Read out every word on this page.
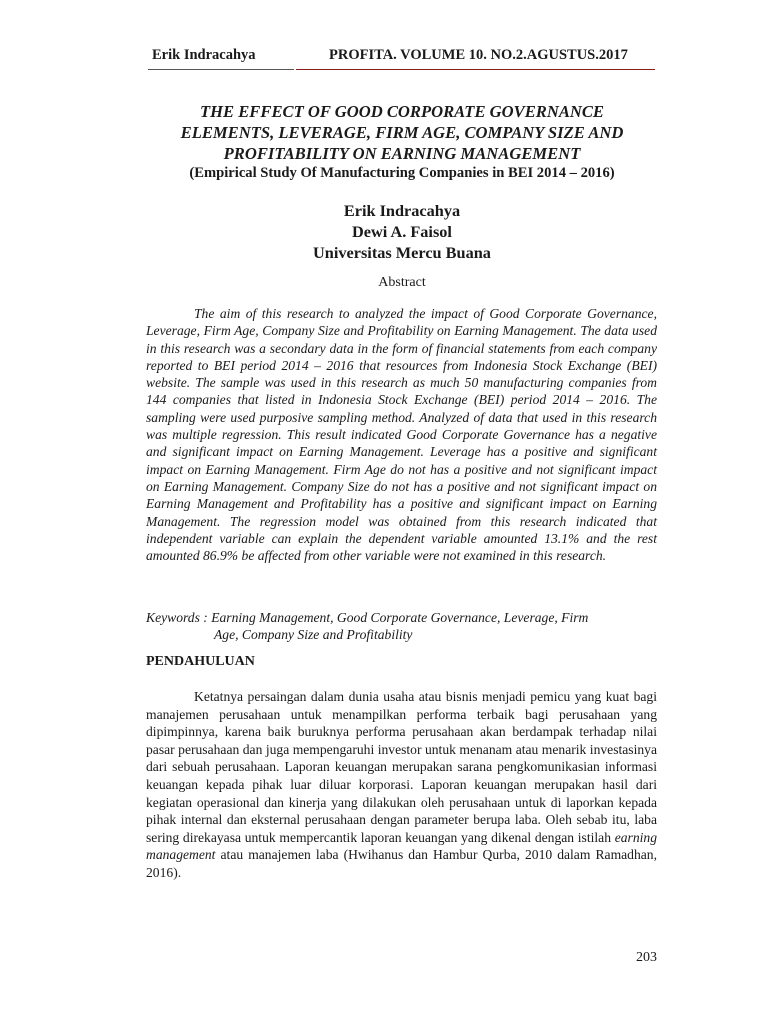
Erik Indracahya	PROFITA. VOLUME 10. NO.2.AGUSTUS.2017
THE EFFECT OF GOOD CORPORATE GOVERNANCE
ELEMENTS, LEVERAGE, FIRM AGE, COMPANY SIZE AND
PROFITABILITY ON EARNING MANAGEMENT
(Empirical Study Of Manufacturing Companies in BEI 2014 – 2016)
Erik Indracahya
Dewi A. Faisol
Universitas Mercu Buana
Abstract

The aim of this research to analyzed the impact of Good Corporate Governance, Leverage, Firm Age, Company Size and Profitability on Earning Management. The data used in this research was a secondary data in the form of financial statements from each company reported to BEI period 2014 – 2016 that resources from Indonesia Stock Exchange (BEI) website. The sample was used in this research as much 50 manufacturing companies from 144 companies that listed in Indonesia Stock Exchange (BEI) period 2014 – 2016. The sampling were used purposive sampling method. Analyzed of data that used in this research was multiple regression. This result indicated Good Corporate Governance has a negative and significant impact on Earning Management. Leverage has a positive and significant impact on Earning Management. Firm Age do not has a positive and not significant impact on Earning Management. Company Size do not has a positive and not significant impact on Earning Management and Profitability has a positive and significant impact on Earning Management. The regression model was obtained from this research indicated that independent variable can explain the dependent variable amounted 13.1% and the rest amounted 86.9% be affected from other variable were not examined in this research.

Keywords : Earning Management, Good Corporate Governance, Leverage, Firm
Age, Company Size and Profitability
PENDAHULUAN

Ketatnya persaingan dalam dunia usaha atau bisnis menjadi pemicu yang kuat bagi manajemen perusahaan untuk menampilkan performa terbaik bagi perusahaan yang dipimpinnya, karena baik buruknya performa perusahaan akan berdampak terhadap nilai pasar perusahaan dan juga mempengaruhi investor untuk menanam atau menarik investasinya dari sebuah perusahaan. Laporan keuangan merupakan sarana pengkomunikasian informasi keuangan kepada pihak luar diluar korporasi. Laporan keuangan merupakan hasil dari kegiatan operasional dan kinerja yang dilakukan oleh perusahaan untuk di laporkan kepada pihak internal dan eksternal perusahaan dengan parameter berupa laba. Oleh sebab itu, laba sering direkayasa untuk mempercantik laporan keuangan yang dikenal dengan istilah earning management atau manajemen laba (Hwihanus dan Hambur Qurba, 2010 dalam Ramadhan, 2016).

203
